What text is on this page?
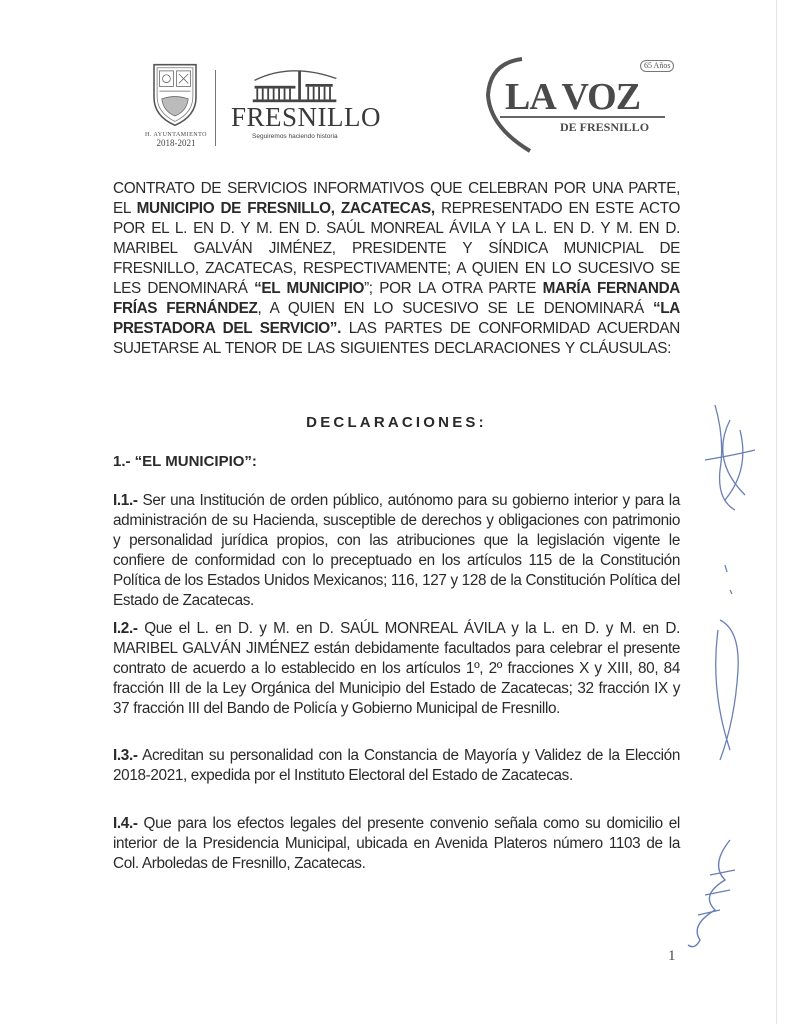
H. AYUNTAMIENTO
2018-2021
FRESNILLO
Seguiremos haciendo historia
LA VOZ
65 Años
DE FRESNILLO
CONTRATO DE SERVICIOS INFORMATIVOS QUE CELEBRAN POR UNA PARTE, EL MUNICIPIO DE FRESNILLO, ZACATECAS, REPRESENTADO EN ESTE ACTO POR EL L. EN D. Y M. EN D. SAÚL MONREAL ÁVILA Y LA L. EN D. Y M. EN D. MARIBEL GALVÁN JIMÉNEZ, PRESIDENTE Y SÍNDICA MUNICPIAL DE FRESNILLO, ZACATECAS, RESPECTIVAMENTE; A QUIEN EN LO SUCESIVO SE LES DENOMINARÁ “EL MUNICIPIO”; POR LA OTRA PARTE MARÍA FERNANDA FRÍAS FERNÁNDEZ, A QUIEN EN LO SUCESIVO SE LE DENOMINARÁ “LA PRESTADORA DEL SERVICIO”. LAS PARTES DE CONFORMIDAD ACUERDAN SUJETARSE AL TENOR DE LAS SIGUIENTES DECLARACIONES Y CLÁUSULAS:
DECLARACIONES:
1.- “EL MUNICIPIO”:
I.1.- Ser una Institución de orden público, autónomo para su gobierno interior y para la administración de su Hacienda, susceptible de derechos y obligaciones con patrimonio y personalidad jurídica propios, con las atribuciones que la legislación vigente le confiere de conformidad con lo preceptuado en los artículos 115 de la Constitución Política de los Estados Unidos Mexicanos; 116, 127 y 128 de la Constitución Política del Estado de Zacatecas.
I.2.- Que el L. en D. y M. en D. SAÚL MONREAL ÁVILA y la L. en D. y M. en D. MARIBEL GALVÁN JIMÉNEZ están debidamente facultados para celebrar el presente contrato de acuerdo a lo establecido en los artículos 1º, 2º fracciones X y XIII, 80, 84 fracción III de la Ley Orgánica del Municipio del Estado de Zacatecas; 32 fracción IX y 37 fracción III del Bando de Policía y Gobierno Municipal de Fresnillo.
I.3.- Acreditan su personalidad con la Constancia de Mayoría y Validez de la Elección 2018-2021, expedida por el Instituto Electoral del Estado de Zacatecas.
I.4.- Que para los efectos legales del presente convenio señala como su domicilio el interior de la Presidencia Municipal, ubicada en Avenida Plateros número 1103 de la Col. Arboledas de Fresnillo, Zacatecas.
1
